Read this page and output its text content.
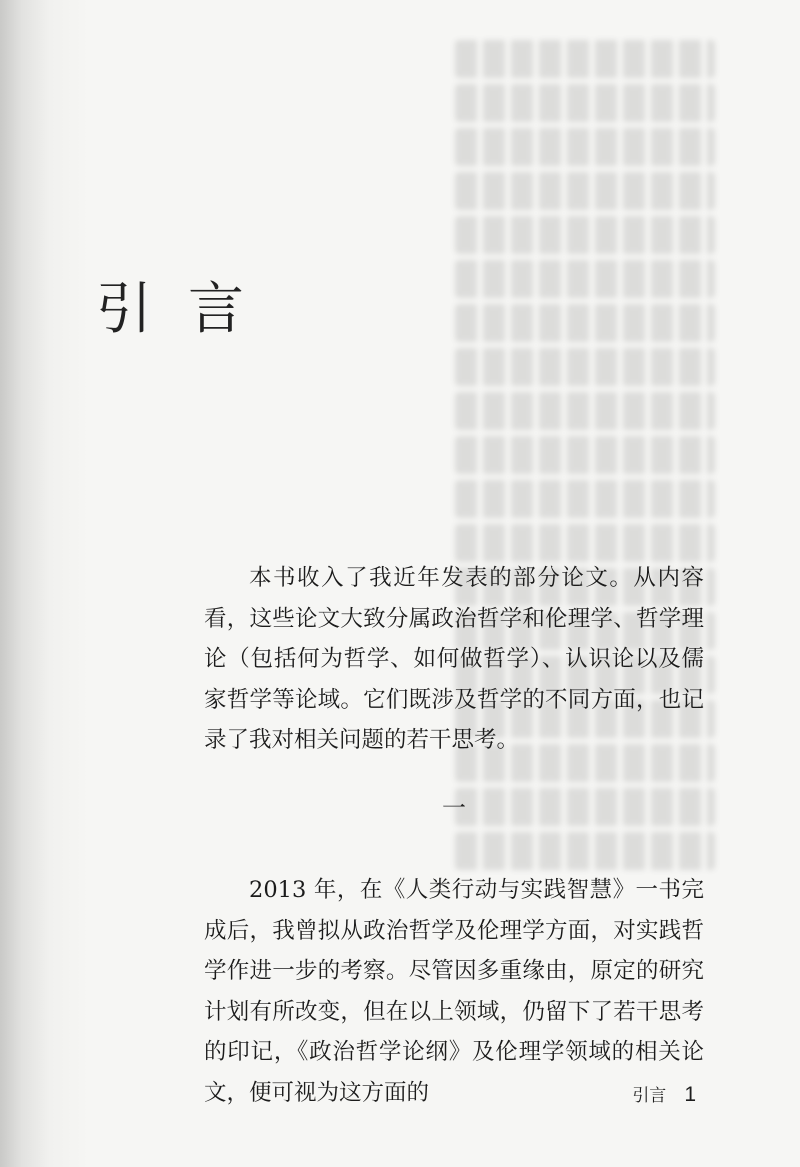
引言

本书收入了我近年发表的部分论文。从内容看，这些论文大致分属政治哲学和伦理学、哲学理论（包括何为哲学、如何做哲学）、认识论以及儒家哲学等论域。它们既涉及哲学的不同方面，也记录了我对相关问题的若干思考。

一

2013 年，在《人类行动与实践智慧》一书完成后，我曾拟从政治哲学及伦理学方面，对实践哲学作进一步的考察。尽管因多重缘由，原定的研究计划有所改变，但在以上领域，仍留下了若干思考的印记，《政治哲学论纲》及伦理学领域的相关论文，便可视为这方面的	引言 1
